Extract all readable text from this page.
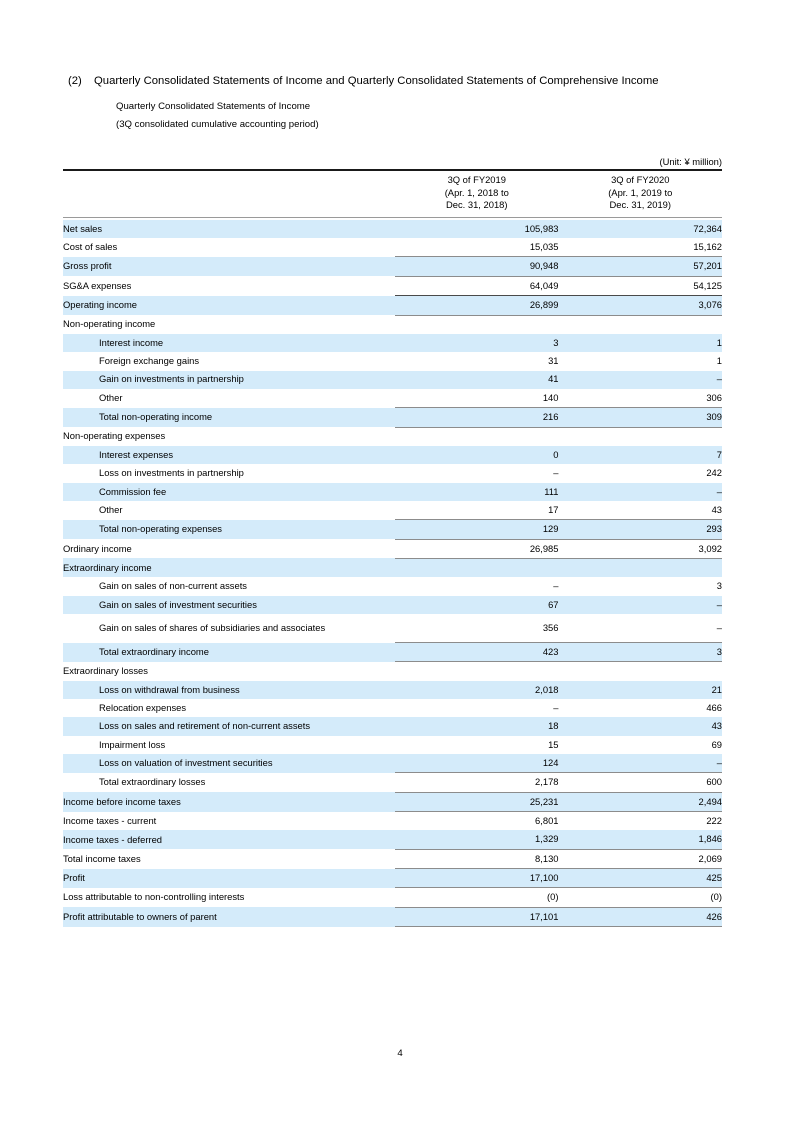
(2)	Quarterly Consolidated Statements of Income and Quarterly Consolidated Statements of Comprehensive Income
Quarterly Consolidated Statements of Income
(3Q consolidated cumulative accounting period)
(Unit: ¥ million)

	3Q of FY2019
(Apr. 1, 2018 to
Dec. 31, 2018)	3Q of FY2020
(Apr. 1, 2019 to
Dec. 31, 2019)

Net sales	105,983	72,364

Cost of sales	15,035	15,162

Gross profit	90,948	57,201

SG&A expenses	64,049	54,125

Operating income	26,899	3,076

Non-operating income		

Interest income	3	1

Foreign exchange gains	31	1

Gain on investments in partnership	41	–

Other	140	306

Total non-operating income	216	309

Non-operating expenses		

Interest expenses	0	7

Loss on investments in partnership	–	242

Commission fee	111	–

Other	17	43

Total non-operating expenses	129	293

Ordinary income	26,985	3,092

Extraordinary income		

Gain on sales of non-current assets	–	3

Gain on sales of investment securities	67	–

Gain on sales of shares of subsidiaries and associates	356	–

Total extraordinary income	423	3

Extraordinary losses		

Loss on withdrawal from business	2,018	21

Relocation expenses	–	466

Loss on sales and retirement of non-current assets	18	43

Impairment loss	15	69

Loss on valuation of investment securities	124	–

Total extraordinary losses	2,178	600

Income before income taxes	25,231	2,494

Income taxes - current	6,801	222

Income taxes - deferred	1,329	1,846

Total income taxes	8,130	2,069

Profit	17,100	425

Loss attributable to non-controlling interests	(0)	(0)

Profit attributable to owners of parent	17,101	426
4
